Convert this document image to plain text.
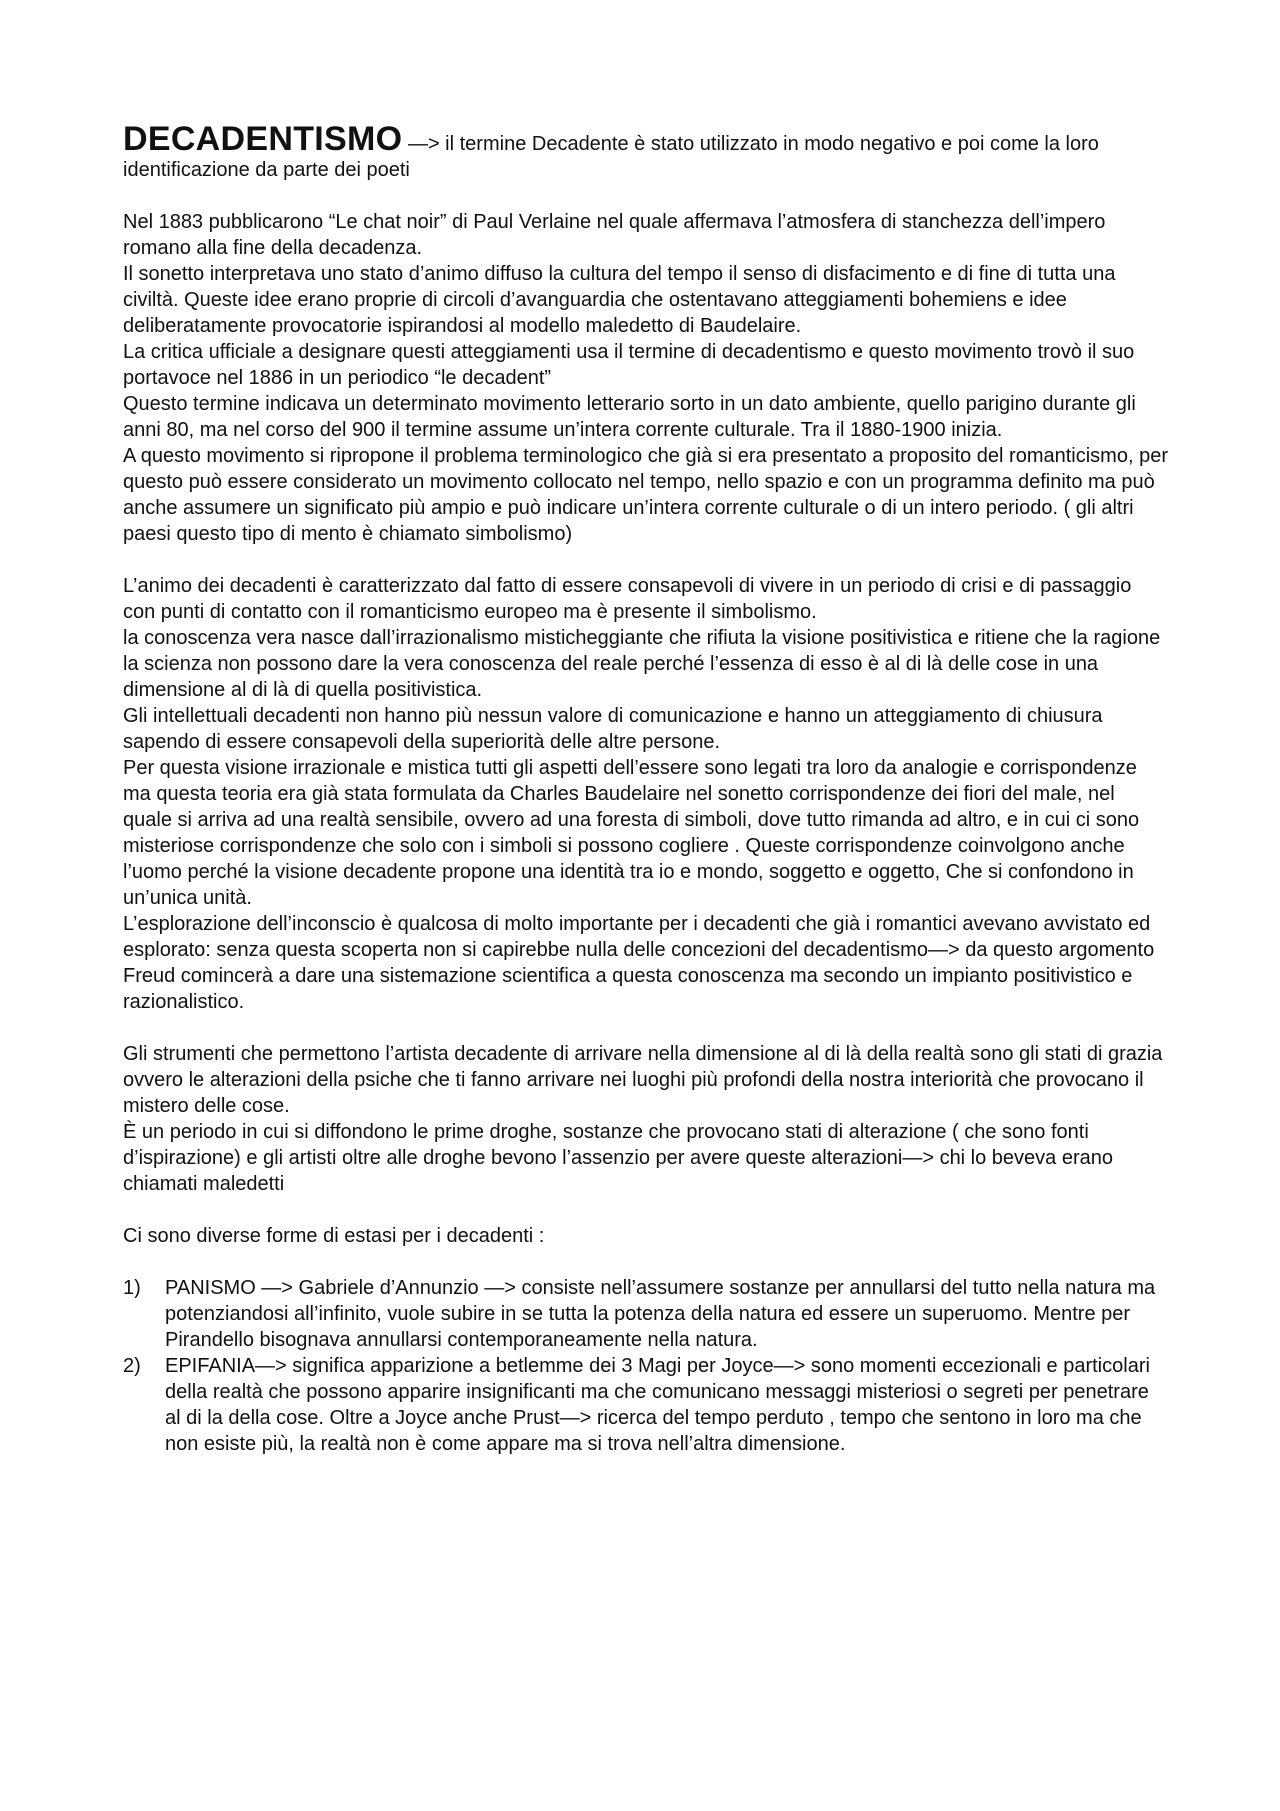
DECADENTISMO —> il termine Decadente è stato utilizzato in modo negativo e poi come la loro identificazione da parte dei poeti

Nel 1883 pubblicarono “Le chat noir” di Paul Verlaine nel quale affermava l’atmosfera di stanchezza dell’impero romano alla fine della decadenza.

Il sonetto interpretava uno stato d’animo diffuso la cultura del tempo il senso di disfacimento e di fine di tutta una civiltà. Queste idee erano proprie di circoli d’avanguardia che ostentavano atteggiamenti bohemiens e idee deliberatamente provocatorie ispirandosi al modello maledetto di Baudelaire.

La critica ufficiale a designare questi atteggiamenti usa il termine di decadentismo e questo movimento trovò il suo portavoce nel 1886 in un periodico “le decadent”

Questo termine indicava un determinato movimento letterario sorto in un dato ambiente, quello parigino durante gli anni 80, ma nel corso del 900 il termine assume un’intera corrente culturale. Tra il 1880-1900 inizia.

A questo movimento si ripropone il problema terminologico che già si era presentato a proposito del romanticismo, per questo può essere considerato un movimento collocato nel tempo, nello spazio e con un programma definito ma può anche assumere un significato più ampio e può indicare un’intera corrente culturale o di un intero periodo. ( gli altri paesi questo tipo di mento è chiamato simbolismo)

L’animo dei decadenti è caratterizzato dal fatto di essere consapevoli di vivere in un periodo di crisi e di passaggio con punti di contatto con il romanticismo europeo ma è presente il simbolismo.

la conoscenza vera nasce dall’irrazionalismo misticheggiante che rifiuta la visione positivistica e ritiene che la ragione la scienza non possono dare la vera conoscenza del reale perché l’essenza di esso è al di là delle cose in una dimensione al di là di quella positivistica.

Gli intellettuali decadenti non hanno più nessun valore di comunicazione e hanno un atteggiamento di chiusura sapendo di essere consapevoli della superiorità delle altre persone.

Per questa visione irrazionale e mistica tutti gli aspetti dell’essere sono legati tra loro da analogie e corrispondenze ma questa teoria era già stata formulata da Charles Baudelaire nel sonetto corrispondenze dei fiori del male, nel quale si arriva ad una realtà sensibile, ovvero ad una foresta di simboli, dove tutto rimanda ad altro, e in cui ci sono misteriose corrispondenze che solo con i simboli si possono cogliere . Queste corrispondenze coinvolgono anche l’uomo perché la visione decadente propone una identità tra io e mondo, soggetto e oggetto, Che si confondono in un’unica unità.

L’esplorazione dell’inconscio è qualcosa di molto importante per i decadenti che già i romantici avevano avvistato ed esplorato: senza questa scoperta non si capirebbe nulla delle concezioni del decadentismo—> da questo argomento Freud comincerà a dare una sistemazione scientifica a questa conoscenza ma secondo un impianto positivistico e razionalistico.

Gli strumenti che permettono l’artista decadente di arrivare nella dimensione al di là della realtà sono gli stati di grazia ovvero le alterazioni della psiche che ti fanno arrivare nei luoghi più profondi della nostra interiorità che provocano il mistero delle cose.

È un periodo in cui si diffondono le prime droghe, sostanze che provocano stati di alterazione ( che sono fonti d’ispirazione) e gli artisti oltre alle droghe bevono l’assenzio per avere queste alterazioni—> chi lo beveva erano chiamati maledetti

Ci sono diverse forme di estasi per i decadenti :

1) PANISMO —> Gabriele d’Annunzio —> consiste nell’assumere sostanze per annullarsi del tutto nella natura ma potenziandosi all’infinito, vuole subire in se tutta la potenza della natura ed essere un superuomo. Mentre per Pirandello bisognava annullarsi contemporaneamente nella natura.
2) EPIFANIA—> significa apparizione a betlemme dei 3 Magi per Joyce—> sono momenti eccezionali e particolari della realtà che possono apparire insignificanti ma che comunicano messaggi misteriosi o segreti per penetrare al di la della cose. Oltre a Joyce anche Prust—> ricerca del tempo perduto , tempo che sentono in loro ma che non esiste più, la realtà non è come appare ma si trova nell’altra dimensione.
